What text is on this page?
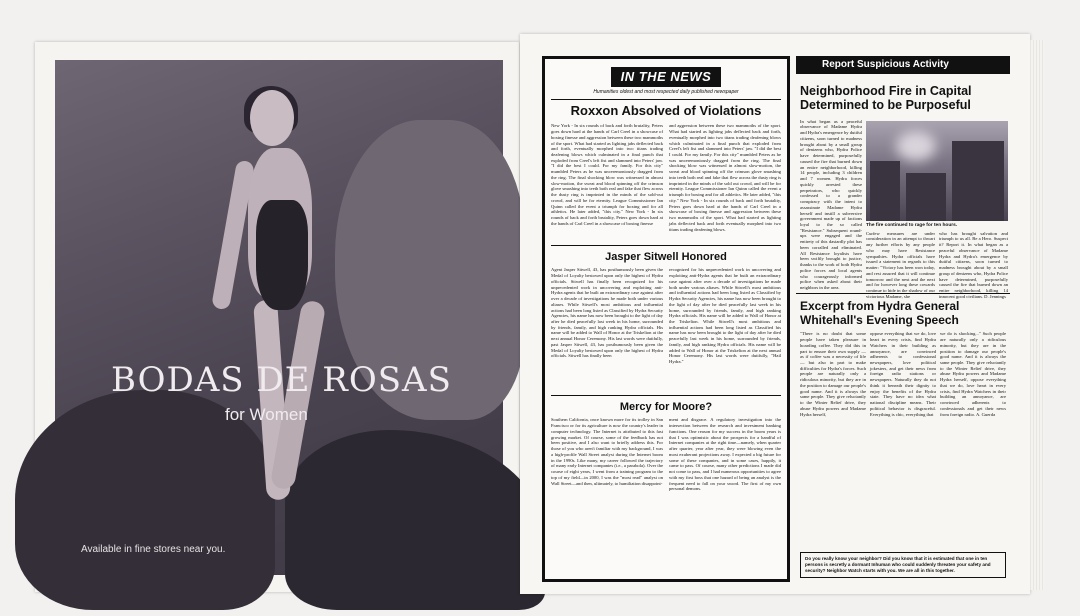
BODAS DE ROSAS
for Women
Available in fine stores near you.
IN THE NEWS
Humanities oldest and most respected daily published newspaper
Roxxon Absolved of Violations
New York - In six rounds of back and forth brutality, Peters goes down hard at the hands of Carl Creel in a showcase of boxing finesse and aggression between these two mammoths of the sport. What had started as lighting jabs deflected back and forth, eventually morphed into two titans trading deafening blows which culminated in a final punch that exploded from Creel's left fist and slammed into Peters' jaw. "I did the best I could. For my family. For this city" mumbled Peters as he was unceremoniously dragged from the ring. The final shocking blow was witnessed in almost slow-motion, the sweat and blood spinning off the crimson glove smashing into teeth both real and fake that flew across the dusty ring is imprinted in the minds of the sold-out crowd, and will be for eternity. League Commissioner Ian Quinn called the event a triumph for boxing and for all athletics. He later added, "this city." New York - In six rounds of back and forth brutality, Peters goes down hard at the hands of Carl Creel in a showcase of boxing finesse
and aggression between these two mammoths of the sport. What had started as lighting jabs deflected back and forth, eventually morphed into two titans trading deafening blows which culminated in a final punch that exploded from Creel's left fist and slammed into Peters' jaw. "I did the best I could. For my family. For this city" mumbled Peters as he was unceremoniously dragged from the ring. The final shocking blow was witnessed in almost slow-motion, the sweat and blood spinning off the crimson glove smashing into teeth both real and fake that flew across the dusty ring is imprinted in the minds of the sold out crowd, and will be for eternity. League Commissioner Ian Quinn called the event a triumph for boxing and for all athletics. He later added, "this city." New York - In six rounds of back and forth brutality, Peters goes down hard at the hands of Carl Creel in a showcase of boxing finesse and aggression between these two mammoths of the sport. What had started as lighting jabs deflected back and forth eventually morphed into two titans trading deafening blows.
Jasper Sitwell Honored
Agent Jasper Sitwell, 43, has posthumously been given the Medal of Loyalty bestowed upon only the highest of Hydra officials. Sitwell has finally been recognized for his unprecedented work in uncovering and exploiting anti-Hydra agents that he built an extraordinary case against after over a decade of investigations he made both under various aliases. While Sitwell's most ambitious and influential actions had been long listed as Classified by Hydra Security Agencies, his name has now been brought to the light of day after he died peacefully last week in his home, surrounded by friends, family, and high ranking Hydra officials. His name will be added to Wall of Honor at the Triskelion at the next annual Honor Ceremony. His last words were dutifully, past Jasper Sitwell, 43, has posthumously been given the Medal of Loyalty bestowed upon only the highest of Hydra officials. Sitwell has finally been
recognized for his unprecedented work in uncovering and exploiting anti-Hydra agents that he built an extraordinary case against after over a decade of investigations he made both under various aliases. While Sitwell's most ambitious and influential actions had been long listed as Classified by Hydra Security Agencies, his name has now been brought to the light of day after he died peacefully last week in his home, surrounded by friends, family, and high ranking Hydra officials. His name will be added to Wall of Honor at the Triskelion. While Sitwell's most ambitious and influential actions had been long listed as Classified his name has now been brought to the light of day after he died peacefully last week in his home, surrounded by friends, family, and high ranking Hydra officials. His name will be added to Wall of Honor at the Triskelion at the next annual Honor Ceremony. His last words were dutifully, "Hail Hydra."
Mercy for Moore?
Southern California, once known more for its trolley in San Francisco or for its agriculture is now the country's leader in computer technology. The Internet is attributed to this fast growing market. Of course, some of the feedback has not been positive, and I also want to briefly address this. For those of you who aren't familiar with my background, I was a high-profile Wall Street analyst during the Internet boom in the 1990s. Like many, my career followed the trajectory of many early Internet companies (i.e., a parabola). Over the course of eight years, I went from a training program to the top of my field—in 2000, I was the "most read" analyst on Wall Street—and then, ultimately, to humiliation disappoint-
ment and disgrace. A regulatory investigation into the intersection between the research and investment banking functions. One reason for my success in the boom years is that I was optimistic about the prospects for a handful of Internet companies at the right time—namely, when quarter after quarter, year after year, they were blowing even the most exuberant projections away. I expected a big future for some of these companies, and in some cases, happily, it came to pass. Of course, many other predictions I made did not come to pass, and I had numerous opportunities to agree with my first boss that one hazard of being an analyst is the frequent need to fall on your sword. The first of my own personal demons.
Report Suspicious Activity
Neighborhood Fire in Capital Determined to be Purposeful
In what began as a peaceful observance of Madame Hydra and Hydra's emergence by dutiful citizens, soon turned to madness brought about by a small group of denizens who, Hydra Police have determined, purposefully caused the fire that burned down an entire neighborhood, killing 14 people, including 3 children and 7 women. Hydra forces quickly arrested these perpetrators, who quickly confessed to a grander conspiracy with the intent to assassinate Madame Hydra herself and instill a subversive government made up of factions loyal to the so called "Resistance." Subsequent round-ups were engaged and the entirety of this dastardly plot has been corralled and eliminated. All Resistance loyalists have been swiftly brought to justice, thanks to the work of both Hydra police forces and local agents who courageously informed police when asked about their neighbors in the area.
The fire continued to rage for ten hours.
Curfew measures are under consideration in an attempt to thwart any further efforts by any people who may have Resistance sympathies. Hydra officials have issued a statement in regards to this matter: "Victory has been won today, and rest assured that it will continue tomorrow and the next and the next and for however long these cowards continue to hide in the shadow of our victorious Madame, she
who has brought salvation and triumph to us all. Be a Hero. Suspect it? Report it. In what began as a peaceful observance of Madame Hydra and Hydra's emergence by dutiful citizens, soon turned to madness brought about by a small group of denizens who, Hydra Police have determined, purposefully caused the fire that burned down an entire neighborhood, killing 14 innocent good civilians. D. Jennings
Excerpt from Hydra General Whitehall's Evening Speech
"There is no doubt that some people have taken pleasure in hoarding coffee. They did this in part to ensure their own supply — as if coffee was a necessity of life — but also in part to make difficulties for Hydra's forces. Such people are naturally only a ridiculous minority, but they are in the position to damage our people's good name. And it is always the same people. They give reluctantly to the Winter Relief drive, they abuse Hydra powers and Madame Hydra herself,
oppose everything that we do, love heart in every crisis, find Hydra Watchers in their building as annoyance, are convinced adherents to confessional newspapers, love political jokesters, and get their news from foreign radio stations or newspapers. Naturally they do not think it beneath their dignity to enjoy the benefits of the Hydra state. They have no idea what national discipline means. Their political behavior is disgraceful. Everything is chic, everything that
we do is shocking..." Such people are naturally only a ridiculous minority, but they are in the position to damage our people's good name. And it is always the same people. They give reluctantly to the Winter Relief drive, they abuse Hydra powers and Madame Hydra herself, oppose everything that we do, love heart in every crisis, find Hydra Watchers in their building an annoyance, are convinced adherents to confessionals and get their news from foreign radio. A. Guerda
Do you really know your neighbor? Did you know that it is estimated that one in ten persons is secretly a dormant Inhuman who could suddenly threaten your safety and security? Neighbor Watch starts with you. We are all in this together.
